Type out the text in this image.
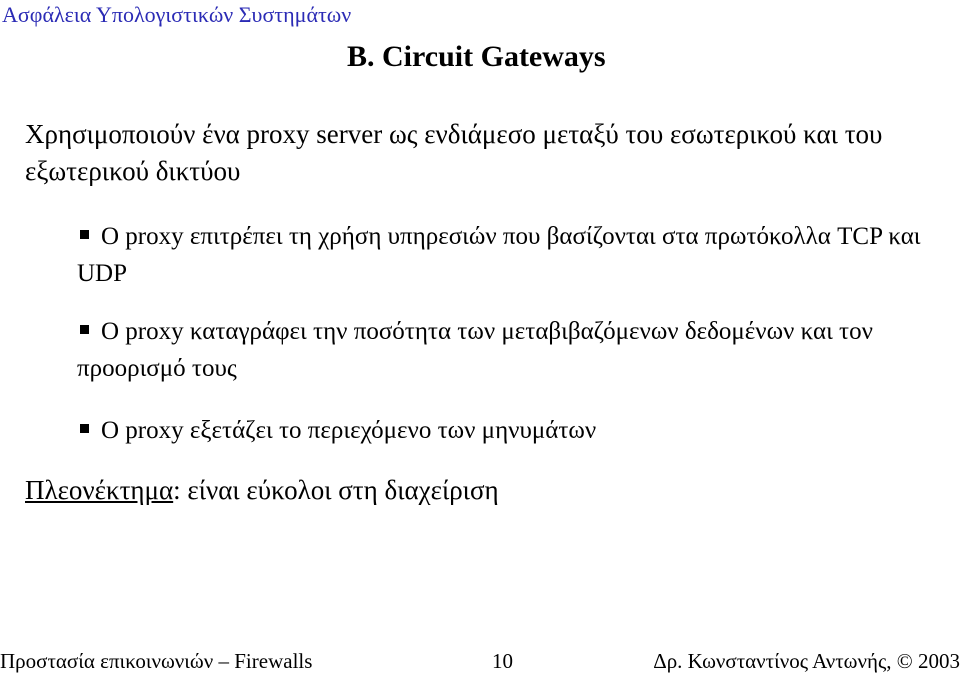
Ασφάλεια Υπολογιστικών Συστημάτων
B. Circuit Gateways
Χρησιμοποιούν ένα proxy server ως ενδιάμεσο μεταξύ του εσωτερικού και του εξωτερικού δικτύου
O proxy επιτρέπει τη χρήση υπηρεσιών που βασίζονται στα πρωτόκολλα TCP και UDP
O proxy καταγράφει την ποσότητα των μεταβιβαζόμενων δεδομένων και τον προορισμό τους
O proxy εξετάζει το περιεχόμενο των μηνυμάτων
Πλεονέκτημα: είναι εύκολοι στη διαχείριση
Προστασία επικοινωνιών – Firewalls	10	Δρ. Κωνσταντίνος Αντωνής, © 2003
